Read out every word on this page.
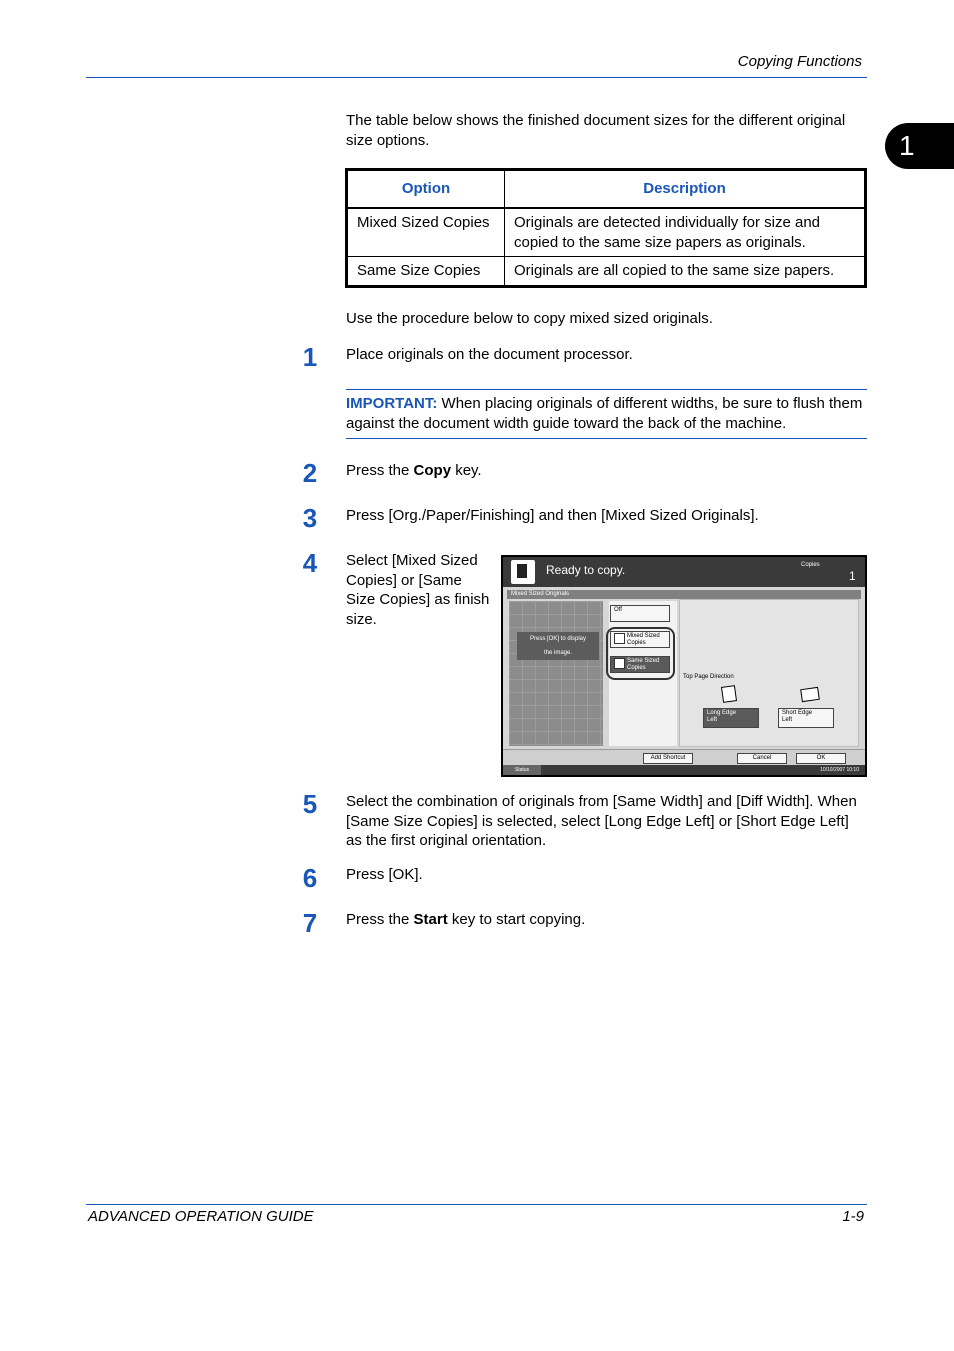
Copying Functions
1
The table below shows the finished document sizes for the different original size options.
Option	Description
Mixed Sized Copies	Originals are detected individually for size and copied to the same size papers as originals.
Same Size Copies	Originals are all copied to the same size papers.
Use the procedure below to copy mixed sized originals.
1	Place originals on the document processor.
IMPORTANT: When placing originals of different widths, be sure to flush them against the document width guide toward the back of the machine.
2	Press the Copy key.
3	Press [Org./Paper/Finishing] and then [Mixed Sized Originals].
4	Select [Mixed Sized Copies] or [Same Size Copies] as finish size.
Ready to copy.	Copies
1
Mixed Sized Originals
Press [OK] to display
the image.
Off
Mixed Sized
Copies
Same Sized
Copies
Top Page Direction
Long Edge
Left
Short Edge
Left
Add Shortcut	Cancel	OK
Status	10/10/2007 10:10
5	Select the combination of originals from [Same Width] and [Diff Width]. When [Same Size Copies] is selected, select [Long Edge Left] or [Short Edge Left] as the first original orientation.
6	Press [OK].
7	Press the Start key to start copying.
ADVANCED OPERATION GUIDE	1-9
